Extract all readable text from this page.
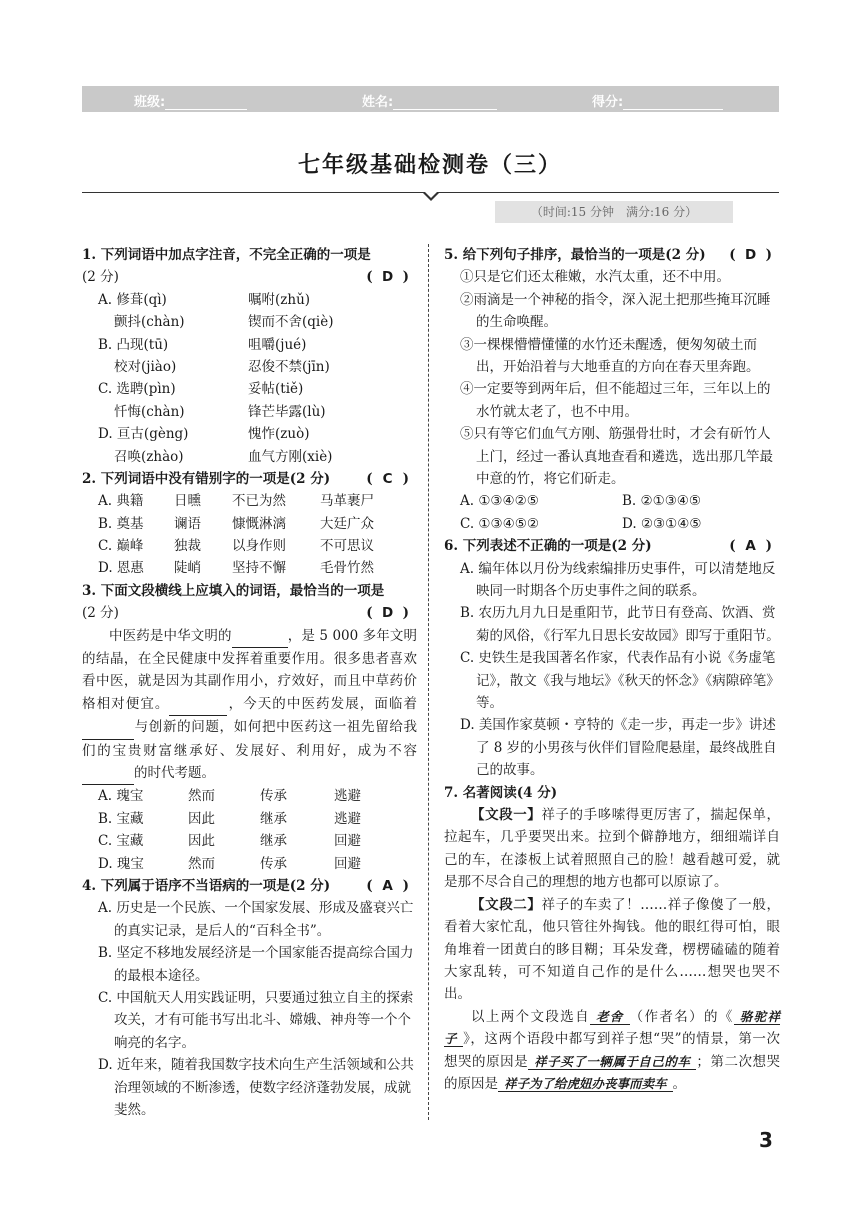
班级:	姓名:	得分:
七年级基础检测卷（三）
（时间:15 分钟　满分:16 分）
1. 下列词语中加点字注音，不完全正确的一项是
(2 分)	( D )
A. 修葺(qì)	嘱咐(zhǔ)
颤抖(chàn)	锲而不舍(qiè)
B. 凸现(tū)	咀嚼(jué)
校对(jiào)	忍俊不禁(jīn)
C. 选聘(pìn)	妥帖(tiě)
忏悔(chàn)	锋芒毕露(lù)
D. 亘古(gèng)	愧怍(zuò)
召唤(zhào)	血气方刚(xiè)
2. 下列词语中没有错别字的一项是(2 分)	( C )
A. 典籍 日曛 不已为然	马革裹尸
B. 奠基 谰语 慷慨淋漓	大廷广众
C. 巅峰 独裁 以身作则	不可思议
D. 恩惠 陡峭 坚持不懈	毛骨竹然
3. 下面文段横线上应填入的词语，最恰当的一项是
(2 分)	( D )
中医药是中华文明的	，是 5 000 多年文明的结晶，在全民健康中发挥着重要作用。很多患者喜欢看中医，就是因为其副作用小，疗效好，而且中草药价格相对便宜。	，今天的中医药发展，面临着 与创新的问题，如何把中医药这一祖先留给我们的宝贵财富继承好、发展好、利用好，成为不容 的时代考题。
A. 瑰宝	然而	传承	逃避
B. 宝藏	因此	继承	逃避
C. 宝藏	因此	继承	回避
D. 瑰宝	然而	传承	回避
4. 下列属于语序不当语病的一项是(2 分)	( A )
A. 历史是一个民族、一个国家发展、形成及盛衰兴亡的真实记录，是后人的“百科全书”。
B. 坚定不移地发展经济是一个国家能否提高综合国力的最根本途径。
C. 中国航天人用实践证明，只要通过独立自主的探索攻关，才有可能书写出北斗、嫦娥、神舟等一个个响亮的名字。
D. 近年来，随着我国数字技术向生产生活领域和公共治理领域的不断渗透，使数字经济蓬勃发展，成就斐然。
5. 给下列句子排序，最恰当的一项是(2 分) ( D )
①只是它们还太稚嫩，水汽太重，还不中用。
②雨滴是一个神秘的指令，深入泥土把那些掩耳沉睡的生命唤醒。
③一棵棵懵懵懂懂的水竹还未醒透，便匆匆破土而出，开始沿着与大地垂直的方向在春天里奔跑。
④一定要等到两年后，但不能超过三年，三年以上的水竹就太老了，也不中用。
⑤只有等它们血气方刚、筋强骨壮时，才会有斫竹人上门，经过一番认真地查看和遴选，选出那几竿最中意的竹，将它们斫走。
A. ①③④②⑤	B. ②①③④⑤
C. ①③④⑤②	D. ②③①④⑤
6. 下列表述不正确的一项是(2 分)	( A )
A. 编年体以月份为线索编排历史事件，可以清楚地反映同一时期各个历史事件之间的联系。
B. 农历九月九日是重阳节，此节日有登高、饮酒、赏菊的风俗，《行军九日思长安故园》即写于重阳节。
C. 史铁生是我国著名作家，代表作品有小说《务虚笔记》，散文《我与地坛》《秋天的怀念》《病隙碎笔》等。
D. 美国作家莫顿・亨特的《走一步，再走一步》讲述了 8 岁的小男孩与伙伴们冒险爬悬崖，最终战胜自己的故事。
7. 名著阅读(4 分)
【文段一】祥子的手哆嗦得更厉害了，揣起保单，拉起车，几乎要哭出来。拉到个僻静地方，细细端详自己的车，在漆板上试着照照自己的脸！越看越可爱，就是那不尽合自己的理想的地方也都可以原谅了。
【文段二】祥子的车卖了！……祥子像傻了一般，看着大家忙乱，他只管往外掏钱。他的眼红得可怕，眼角堆着一团黄白的眵目糊；耳朵发聋，楞楞磕磕的随着大家乱转，可不知道自己作的是什么……想哭也哭不出。
以上两个文段选自 老舍 （作者名）的《 骆驼祥子 》，这两个语段中都写到祥子想“哭”的情景，第一次想哭的原因是 祥子买了一辆属于自己的车 ；第二次想哭的原因是 祥子为了给虎妞办丧事而卖车 。
3
